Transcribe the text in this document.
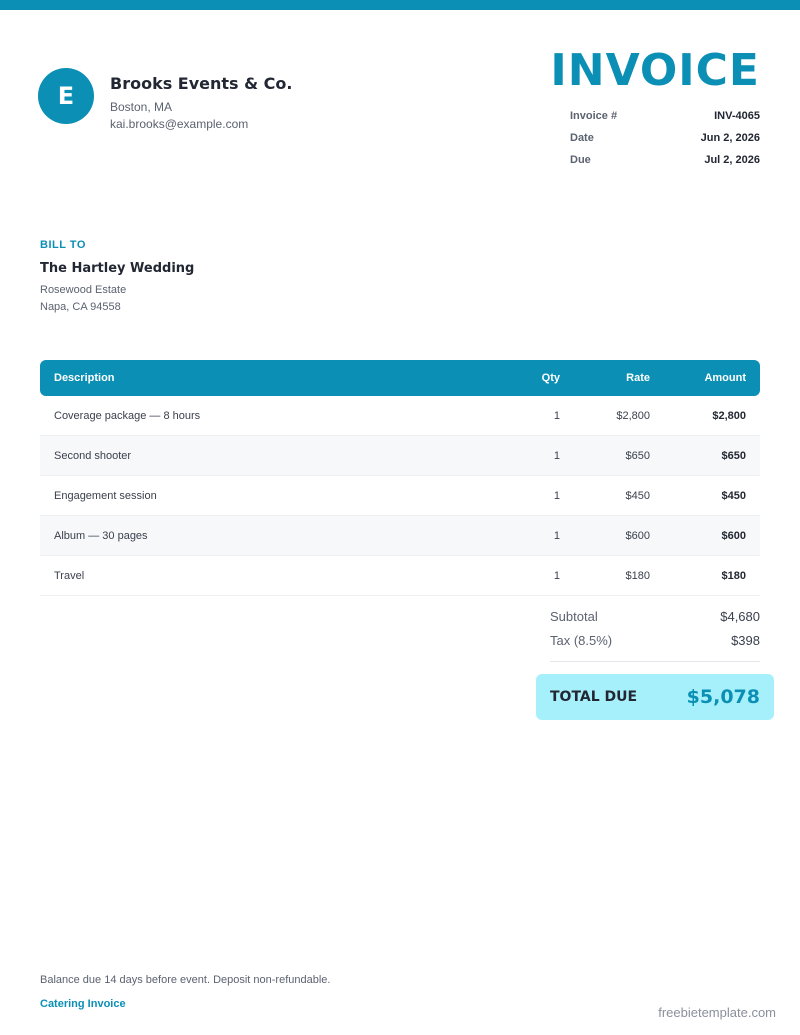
E	Brooks Events & Co.
Boston, MA
kai.brooks@example.com
INVOICE
Invoice #	INV-4065
Date	Jun 2, 2026
Due	Jul 2, 2026
BILL TO
The Hartley Wedding
Rosewood Estate
Napa, CA 94558
Description	Qty	Rate	Amount
Coverage package — 8 hours	1	$2,800	$2,800
Second shooter	1	$650	$650
Engagement session	1	$450	$450
Album — 30 pages	1	$600	$600
Travel	1	$180	$180
Subtotal	$4,680
Tax (8.5%)	$398
TOTAL DUE	$5,078
Balance due 14 days before event. Deposit non-refundable.
Catering Invoice
freebietemplate.com
